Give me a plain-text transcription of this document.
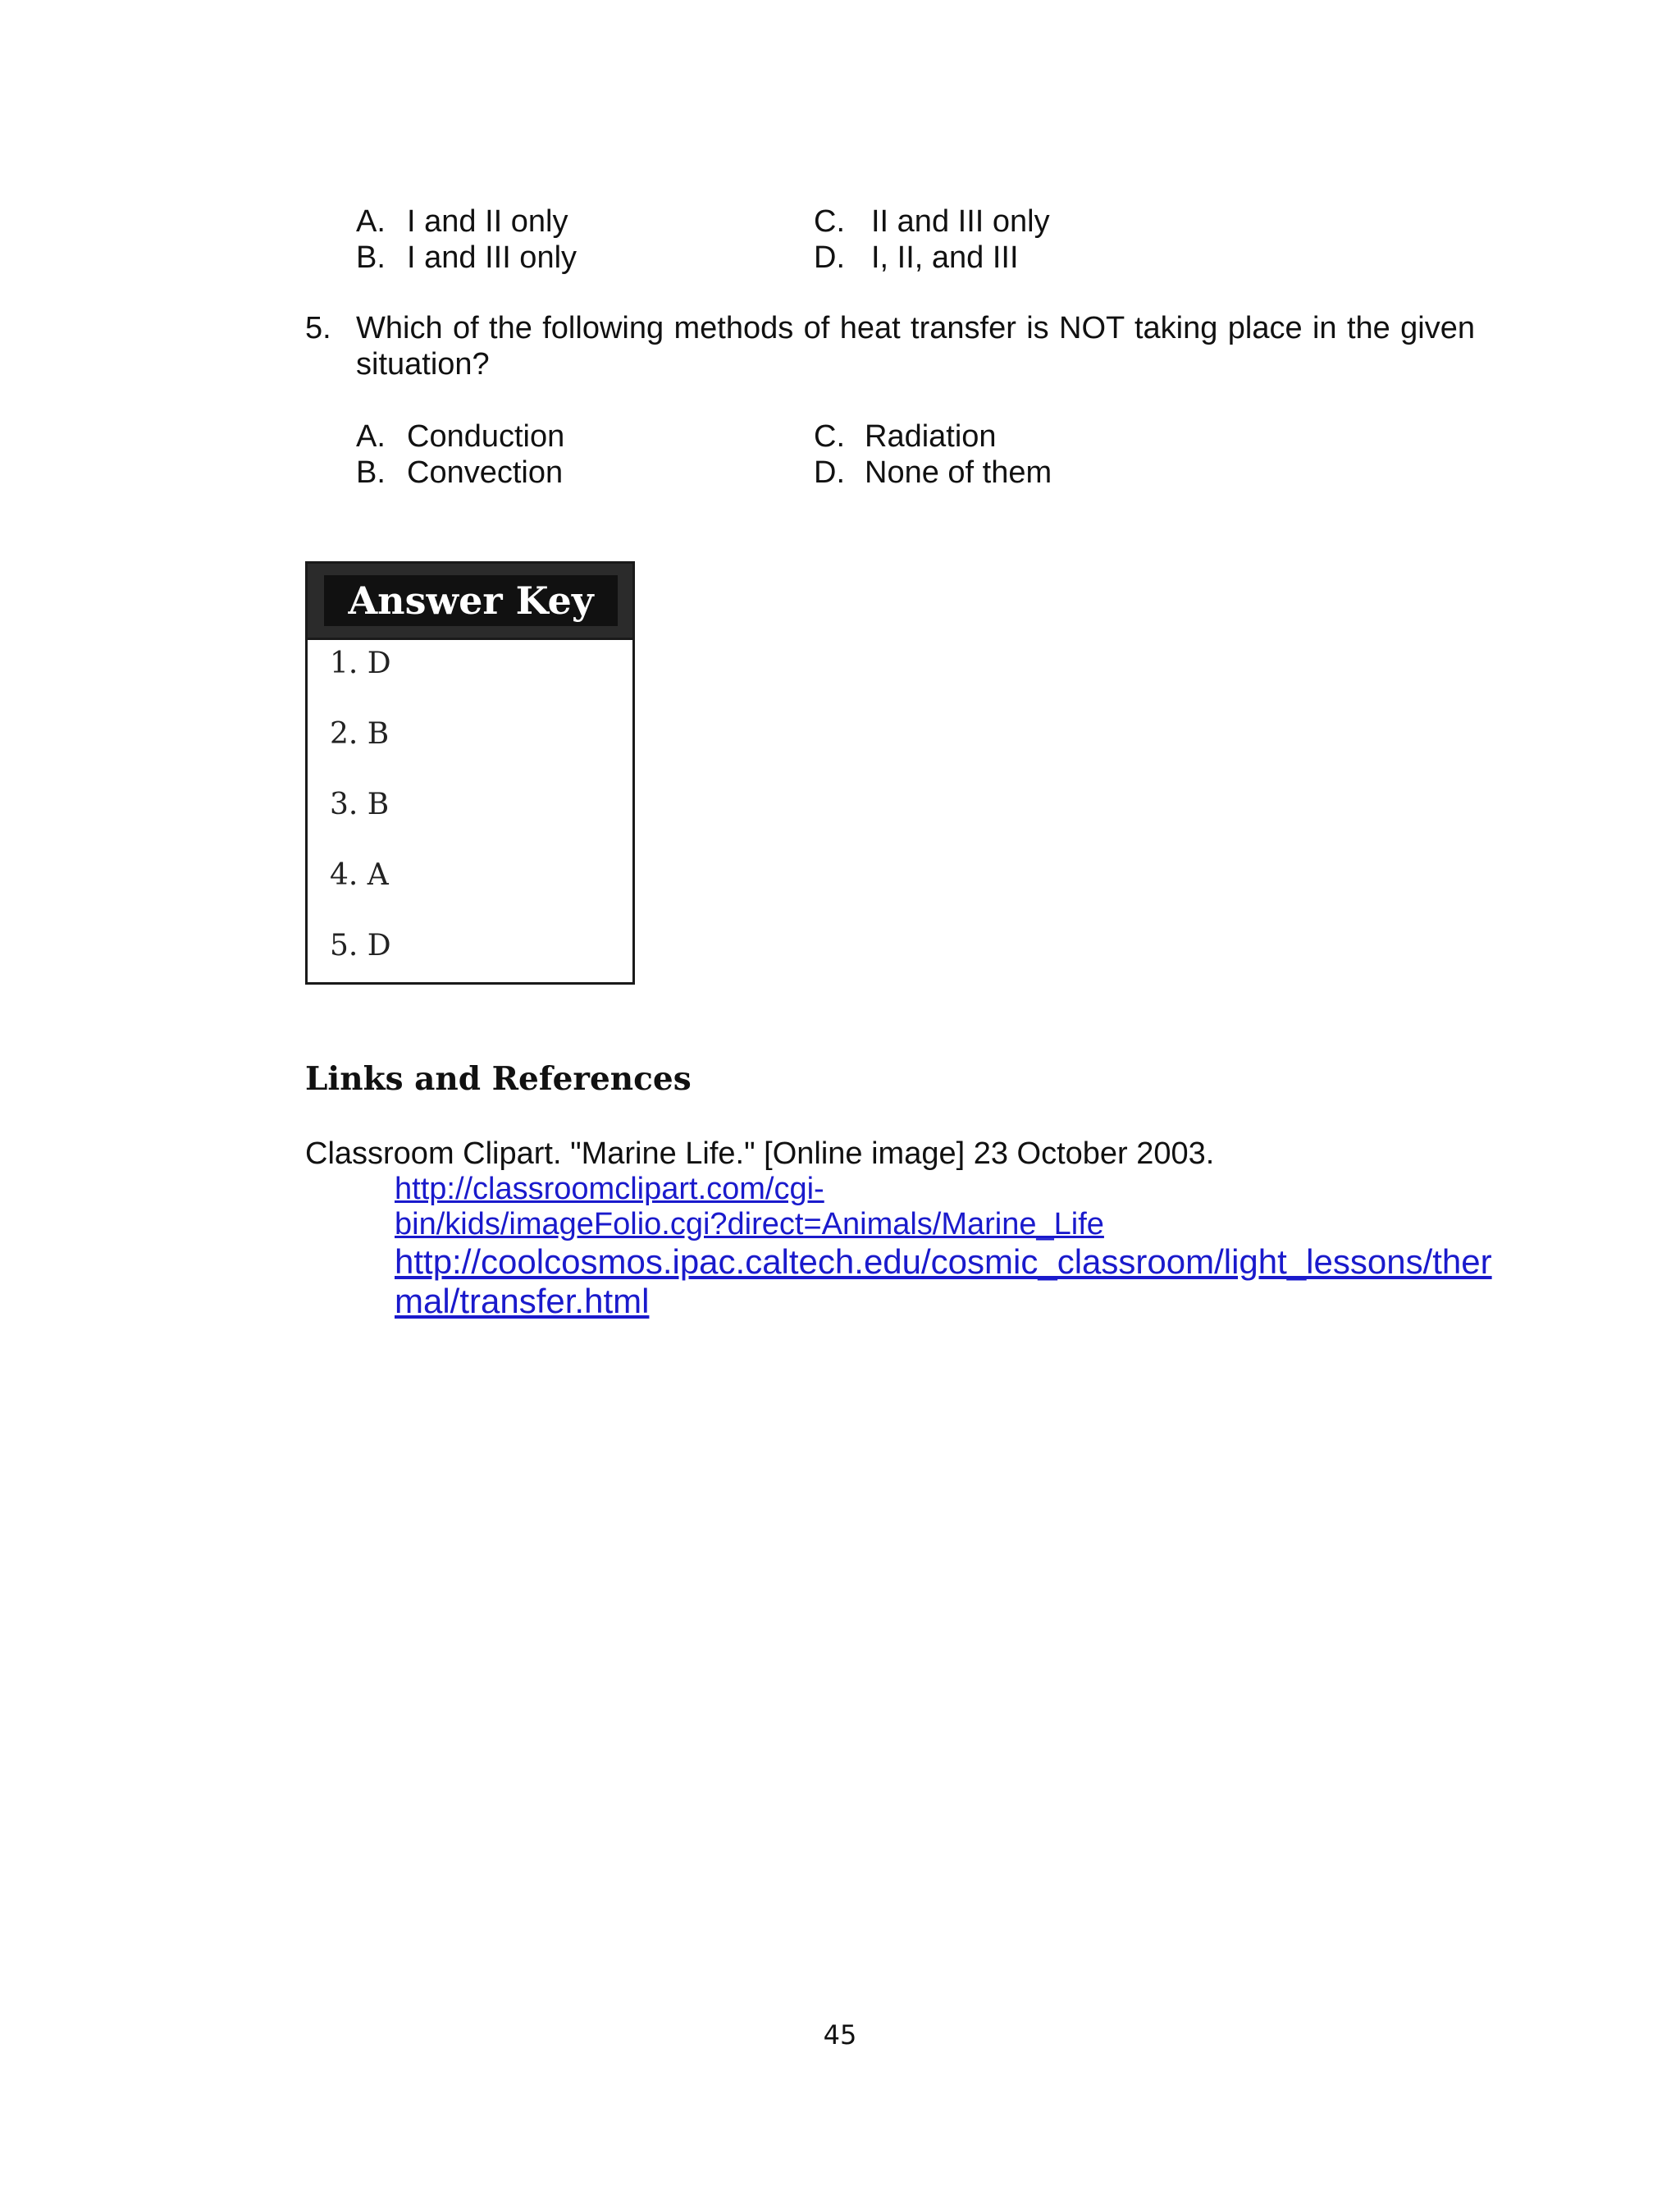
A. I and II only
B. I and III only
C. II and III only
D. I, II, and III
5. Which of the following methods of heat transfer is NOT taking place in the given situation?
A. Conduction
B. Convection
C. Radiation
D. None of them
Answer Key
1. D
2. B
3. B
4. A
5. D
Links and References
Classroom Clipart. "Marine Life." [Online image] 23 October 2003.
http://classroomclipart.com/cgi-
bin/kids/imageFolio.cgi?direct=Animals/Marine_Life
http://coolcosmos.ipac.caltech.edu/cosmic_classroom/light_lessons/ther
mal/transfer.html
45
